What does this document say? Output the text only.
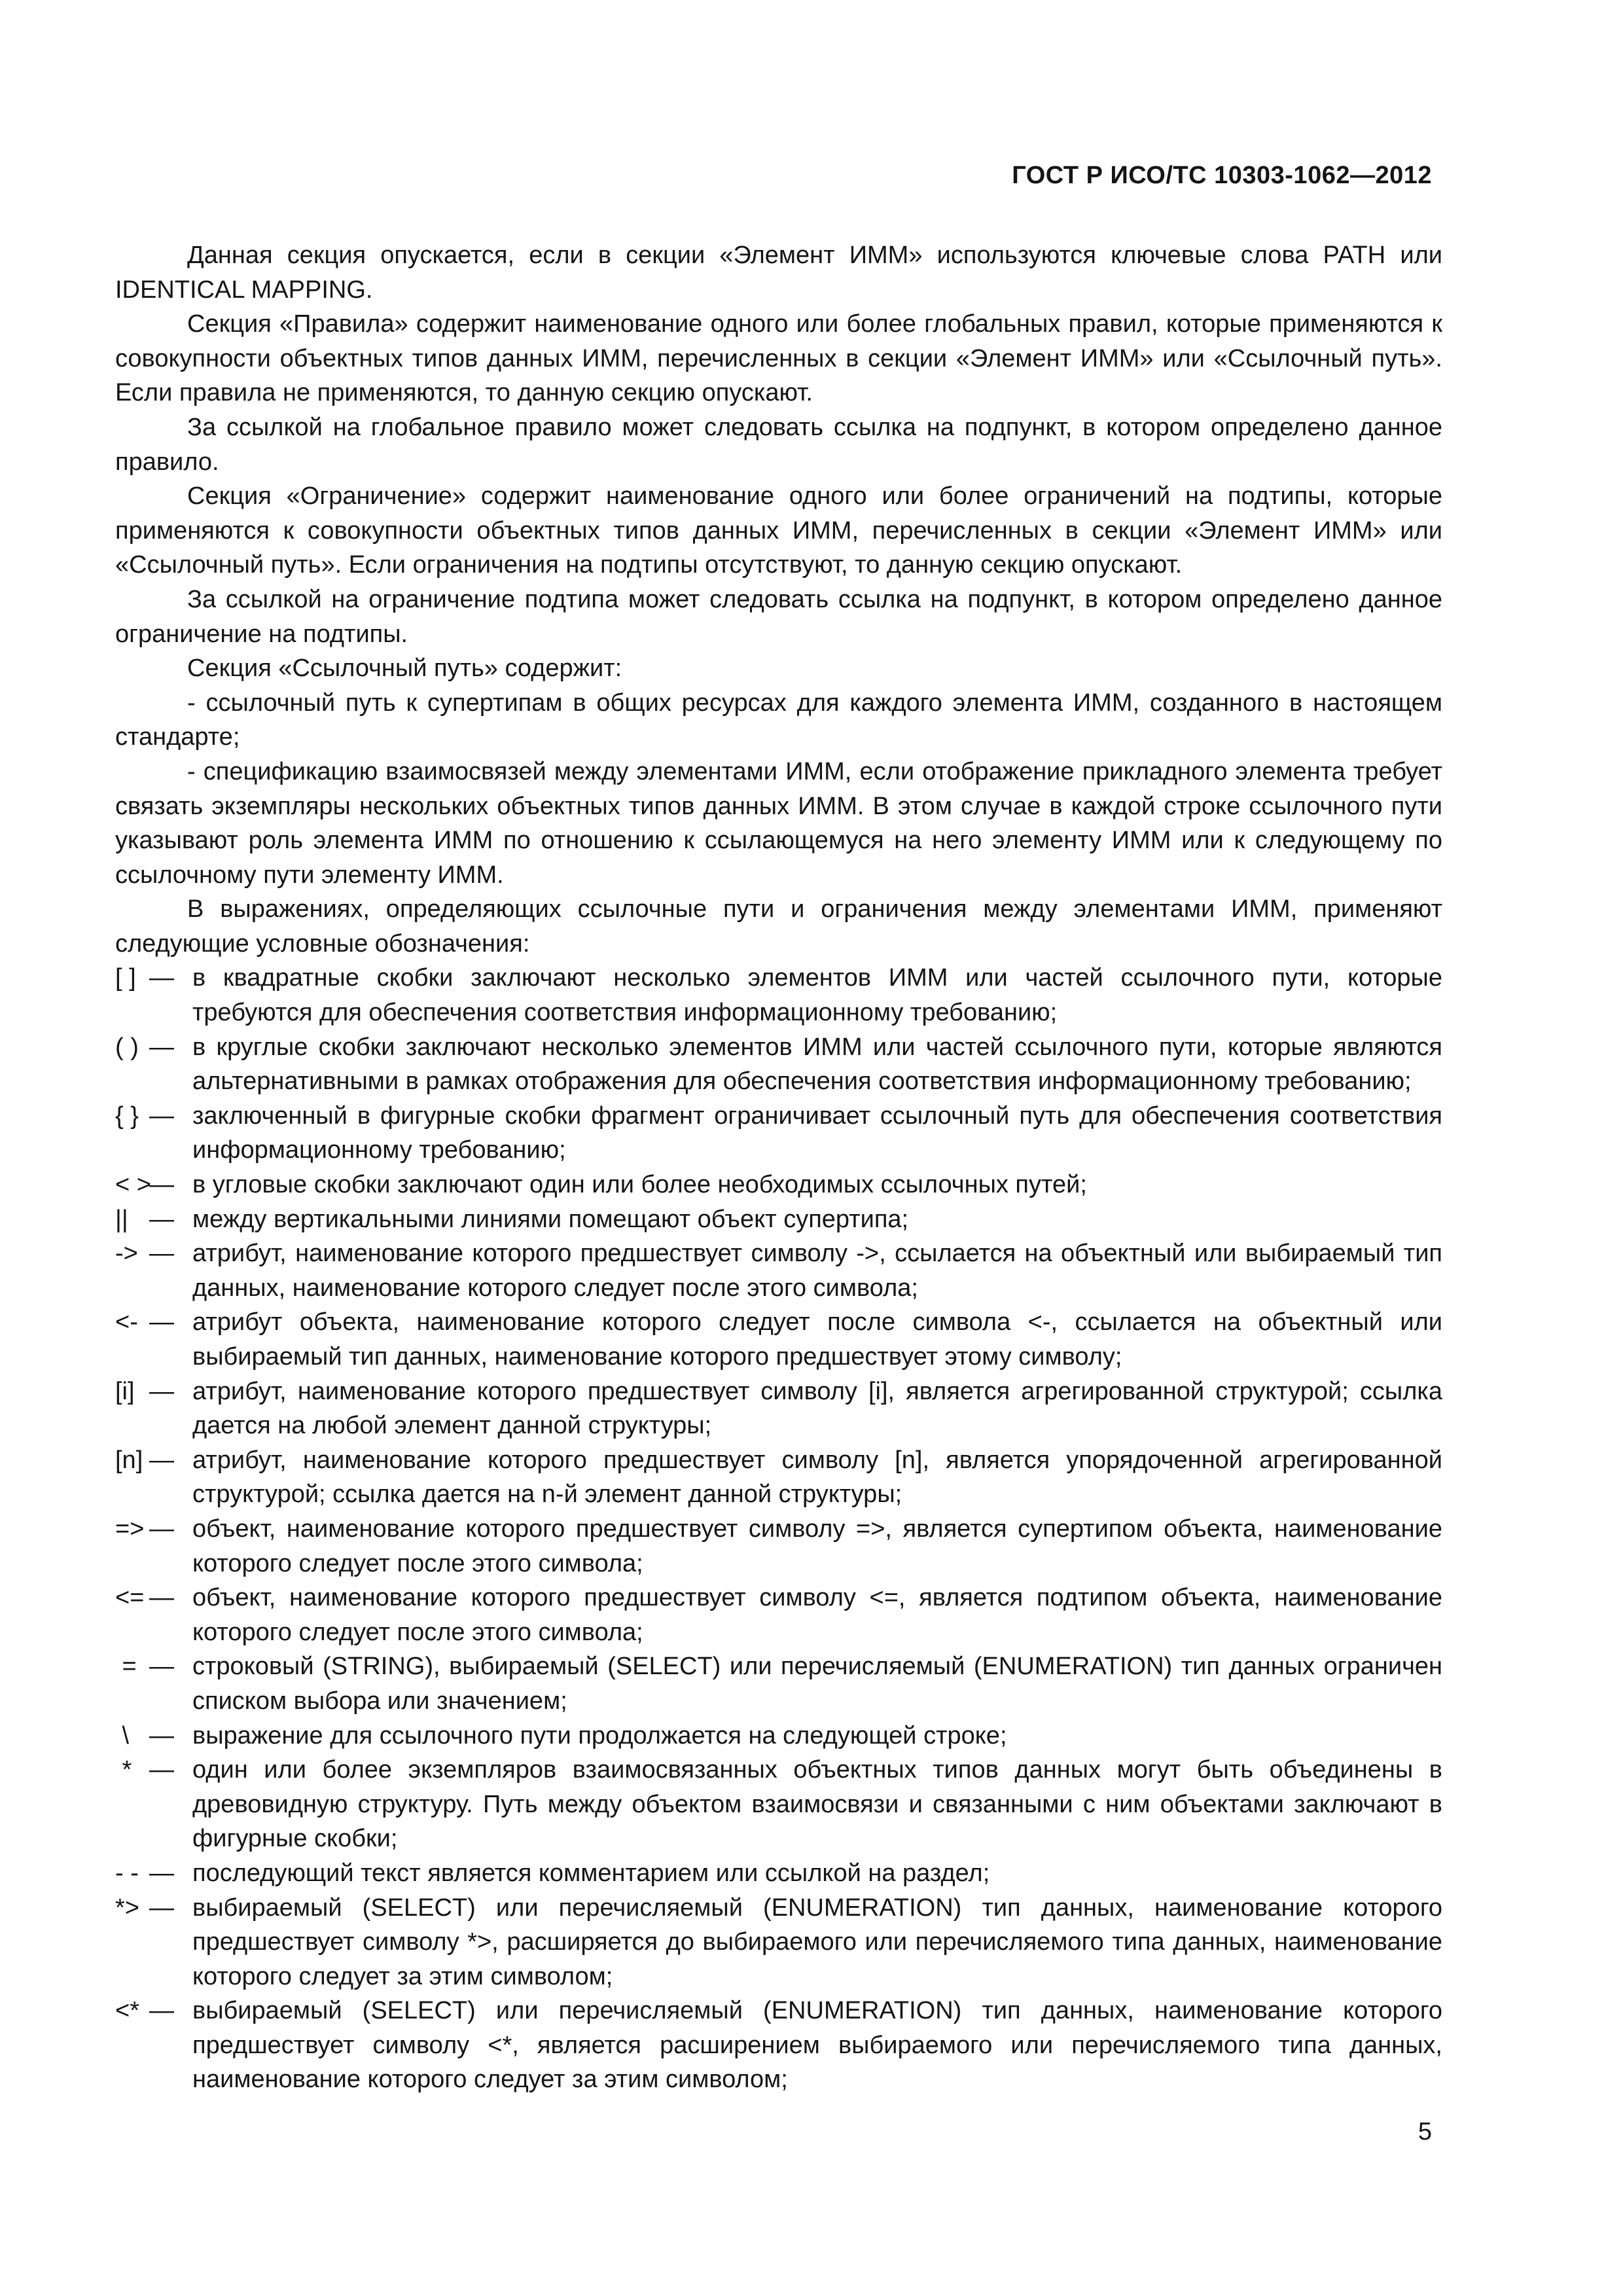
ГОСТ Р ИСО/ТС 10303-1062—2012

Данная секция опускается, если в секции «Элемент ИММ» используются ключевые слова PATH или IDENTICAL MAPPING.

Секция «Правила» содержит наименование одного или более глобальных правил, которые применяются к совокупности объектных типов данных ИММ, перечисленных в секции «Элемент ИММ» или «Ссылочный путь». Если правила не применяются, то данную секцию опускают.

За ссылкой на глобальное правило может следовать ссылка на подпункт, в котором определено данное правило.

Секция «Ограничение» содержит наименование одного или более ограничений на подтипы, которые применяются к совокупности объектных типов данных ИММ, перечисленных в секции «Элемент ИММ» или «Ссылочный путь». Если ограничения на подтипы отсутствуют, то данную секцию опускают.

За ссылкой на ограничение подтипа может следовать ссылка на подпункт, в котором определено данное ограничение на подтипы.

Секция «Ссылочный путь» содержит:

- ссылочный путь к супертипам в общих ресурсах для каждого элемента ИММ, созданного в настоящем стандарте;

- спецификацию взаимосвязей между элементами ИММ, если отображение прикладного элемента требует связать экземпляры нескольких объектных типов данных ИММ. В этом случае в каждой строке ссылочного пути указывают роль элемента ИММ по отношению к ссылающемуся на него элементу ИММ или к следующему по ссылочному пути элементу ИММ.

В выражениях, определяющих ссылочные пути и ограничения между элементами ИММ, применяют следующие условные обозначения:

[ ] — в квадратные скобки заключают несколько элементов ИММ или частей ссылочного пути, которые требуются для обеспечения соответствия информационному требованию;
( ) — в круглые скобки заключают несколько элементов ИММ или частей ссылочного пути, которые являются альтернативными в рамках отображения для обеспечения соответствия информационному требованию;
{ } — заключенный в фигурные скобки фрагмент ограничивает ссылочный путь для обеспечения соответствия информационному требованию;
< >
— в угловые скобки заключают один или более необходимых ссылочных путей;
|| — между вертикальными линиями помещают объект супертипа;
-> — атрибут, наименование которого предшествует символу ->, ссылается на объектный или выбираемый тип данных, наименование которого следует после этого символа;
<- — атрибут объекта, наименование которого следует после символа <-, ссылается на объектный или выбираемый тип данных, наименование которого предшествует этому символу;
[i] — атрибут, наименование которого предшествует символу [i], является агрегированной структурой; ссылка дается на любой элемент данной структуры;
[n] — атрибут, наименование которого предшествует символу [n], является упорядоченной агрегированной структурой; ссылка дается на n-й элемент данной структуры;
=> — объект, наименование которого предшествует символу =>, является супертипом объекта, наименование которого следует после этого символа;
<= — объект, наименование которого предшествует символу <=, является подтипом объекта, наименование которого следует после этого символа;
= — строковый (STRING), выбираемый (SELECT) или перечисляемый (ENUMERATION) тип данных ограничен списком выбора или значением;
\ — выражение для ссылочного пути продолжается на следующей строке;
* — один или более экземпляров взаимосвязанных объектных типов данных могут быть объединены в древовидную структуру. Путь между объектом взаимосвязи и связанными с ним объектами заключают в фигурные скобки;
- - — последующий текст является комментарием или ссылкой на раздел;
*> — выбираемый (SELECT) или перечисляемый (ENUMERATION) тип данных, наименование которого предшествует символу *>, расширяется до выбираемого или перечисляемого типа данных, наименование которого следует за этим символом;
<* — выбираемый (SELECT) или перечисляемый (ENUMERATION) тип данных, наименование которого предшествует символу <*, является расширением выбираемого или перечисляемого типа данных, наименование которого следует за этим символом;
5
